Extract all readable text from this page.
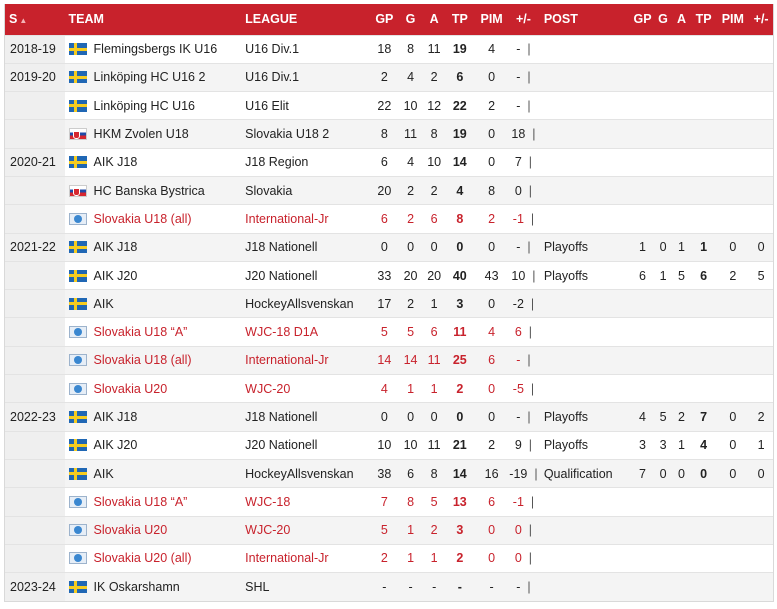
S ▲	TEAM	LEAGUE	GP	G	A	TP	PIM	+/-	POST	GP	G	A	TP	PIM	+/-
2018-19	Flemingsbergs IK U16	U16 Div.1	18	8	11	19	4	- |							
2019-20	Linköping HC U16 2	U16 Div.1	2	4	2	6	0	- |							

	Linköping HC U16	U16 Elit	22	10	12	22	2	- |							

	HKM Zvolen U18	Slovakia U18 2	8	11	8	19	0	18 |							
2020-21	AIK J18	J18 Region	6	4	10	14	0	7 |							

	HC Banska Bystrica	Slovakia	20	2	2	4	8	0 |							

	Slovakia U18 (all)	International-Jr	6	2	6	8	2	-1 |							
2021-22	AIK J18	J18 Nationell	0	0	0	0	0	- |	Playoffs	1	0	1	1	0	0

	AIK J20	J20 Nationell	33	20	20	40	43	10 |	Playoffs	6	1	5	6	2	5

	AIK	HockeyAllsvenskan	17	2	1	3	0	-2 |							

	Slovakia U18 “A”	WJC-18 D1A	5	5	6	11	4	6 |							

	Slovakia U18 (all)	International-Jr	14	14	11	25	6	- |							

	Slovakia U20	WJC-20	4	1	1	2	0	-5 |							
2022-23	AIK J18	J18 Nationell	0	0	0	0	0	- |	Playoffs	4	5	2	7	0	2

	AIK J20	J20 Nationell	10	10	11	21	2	9 |	Playoffs	3	3	1	4	0	1

	AIK	HockeyAllsvenskan	38	6	8	14	16	-19 |	Qualification	7	0	0	0	0	0

	Slovakia U18 “A”	WJC-18	7	8	5	13	6	-1 |							

	Slovakia U20	WJC-20	5	1	2	3	0	0 |							

	Slovakia U20 (all)	International-Jr	2	1	1	2	0	0 |							
2023-24	IK Oskarshamn	SHL	-	-	-	-	-	- |							
